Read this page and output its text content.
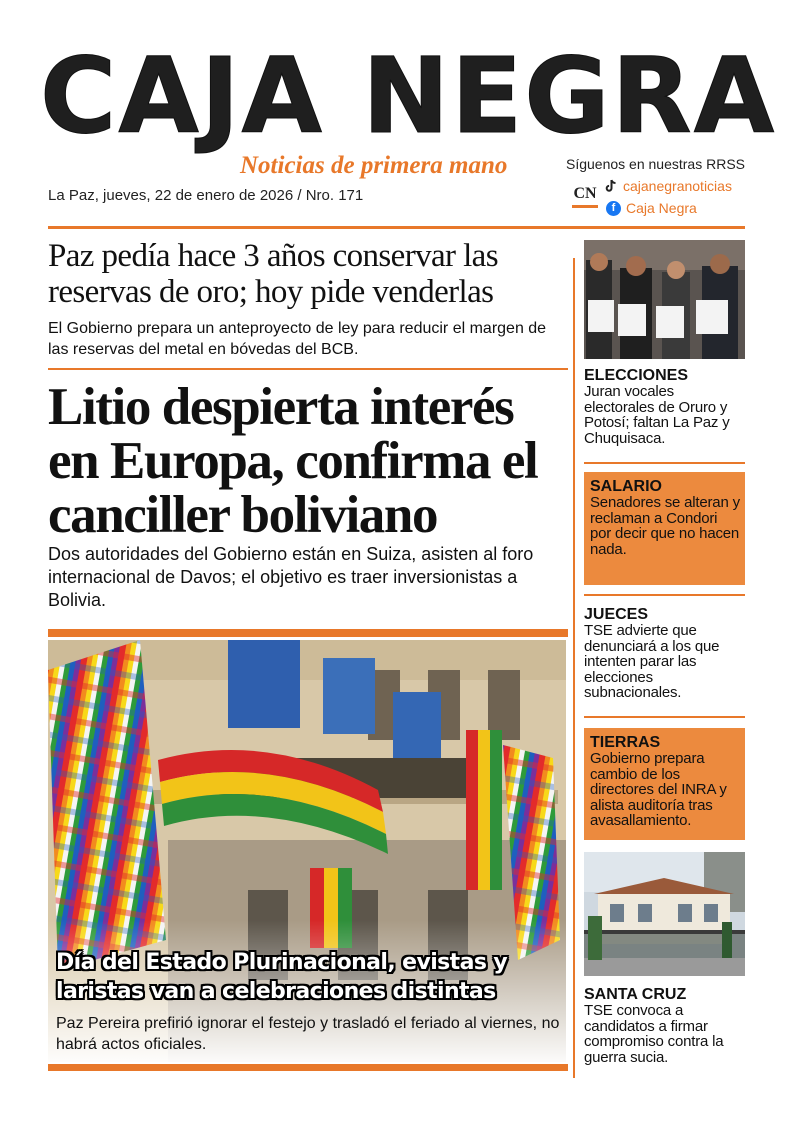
CAJA NEGRA
Noticias de primera mano
La Paz, jueves, 22 de enero de 2026 / Nro. 171
Síguenos en nuestras RRSS
CN cajanegranoticias
f Caja Negra
Paz pedía hace 3 años conservar las reservas de oro; hoy pide venderlas
El Gobierno prepara un anteproyecto de ley para reducir el margen de las reservas del metal en bóvedas del BCB.
Litio despierta interés en Europa, confirma el canciller boliviano
Dos autoridades del Gobierno están en Suiza, asisten al foro internacional de Davos; el objetivo es traer inversionistas a Bolivia.
Día del Estado Plurinacional, evistas y laristas van a celebraciones distintas
Paz Pereira prefirió ignorar el festejo y trasladó el feriado al viernes, no habrá actos oficiales.
ELECCIONES
Juran vocales electorales de Oruro y Potosí; faltan La Paz y Chuquisaca.
SALARIO
Senadores se alteran y reclaman a Condori por decir que no hacen nada.
JUECES
TSE advierte que denunciará a los que intenten parar las elecciones subnacionales.
TIERRAS
Gobierno prepara cambio de los directores del INRA y alista auditoría tras avasallamiento.
SANTA CRUZ
TSE convoca a candidatos a firmar compromiso contra la guerra sucia.
